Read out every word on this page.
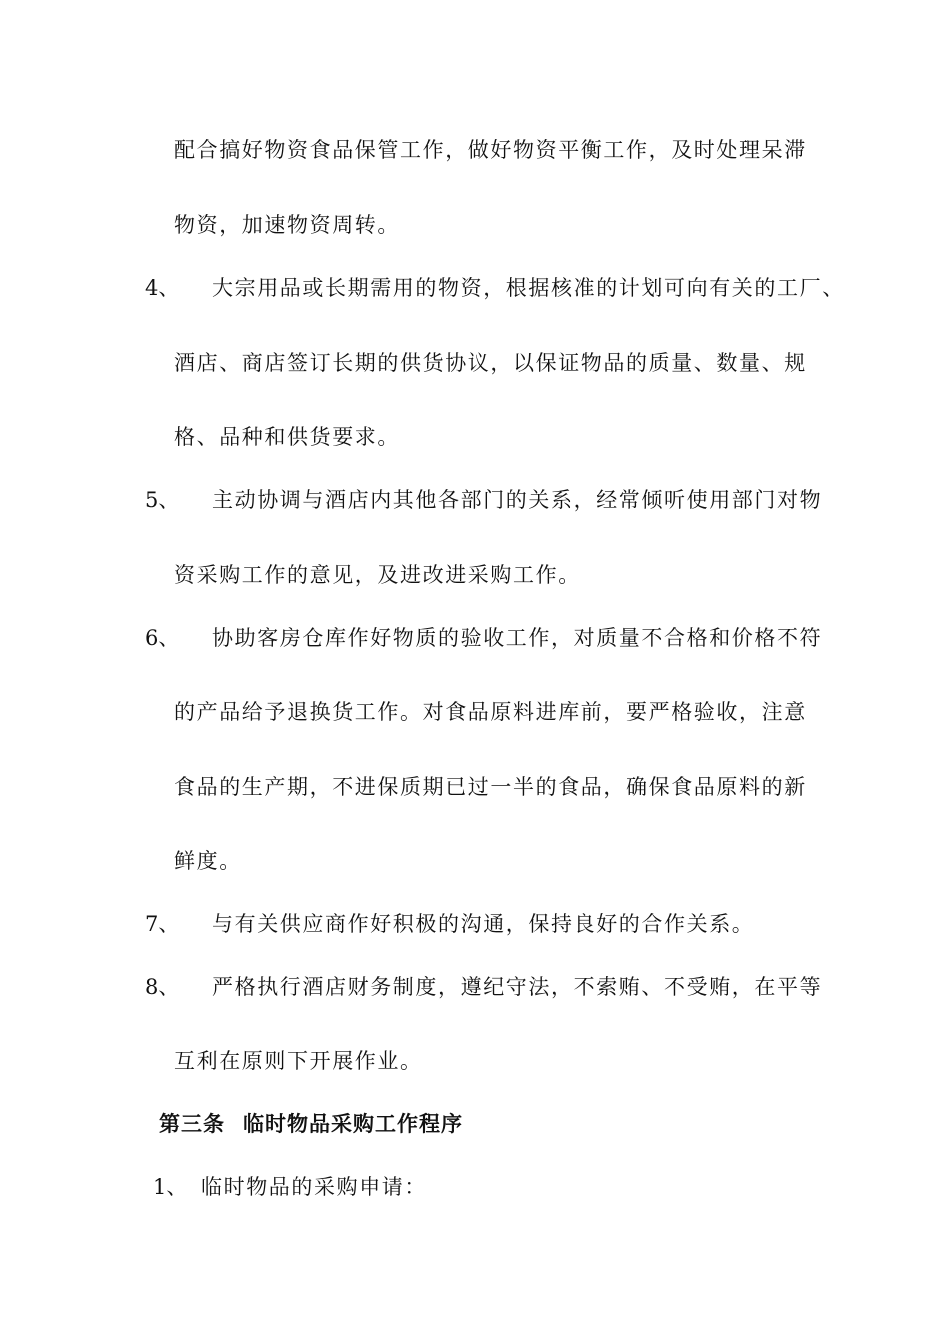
配合搞好物资食品保管工作，做好物资平衡工作，及时处理呆滞
物资，加速物资周转。
4、 大宗用品或长期需用的物资，根据核准的计划可向有关的工厂、
酒店、商店签订长期的供货协议，以保证物品的质量、数量、规
格、品种和供货要求。
5、 主动协调与酒店内其他各部门的关系，经常倾听使用部门对物
资采购工作的意见，及进改进采购工作。
6、 协助客房仓库作好物质的验收工作，对质量不合格和价格不符
的产品给予退换货工作。对食品原料进库前，要严格验收，注意
食品的生产期，不进保质期已过一半的食品，确保食品原料的新
鲜度。
7、 与有关供应商作好积极的沟通，保持良好的合作关系。
8、 严格执行酒店财务制度，遵纪守法，不索贿、不受贿，在平等
互利在原则下开展作业。
第三条 临时物品采购工作程序
1、 临时物品的采购申请：
